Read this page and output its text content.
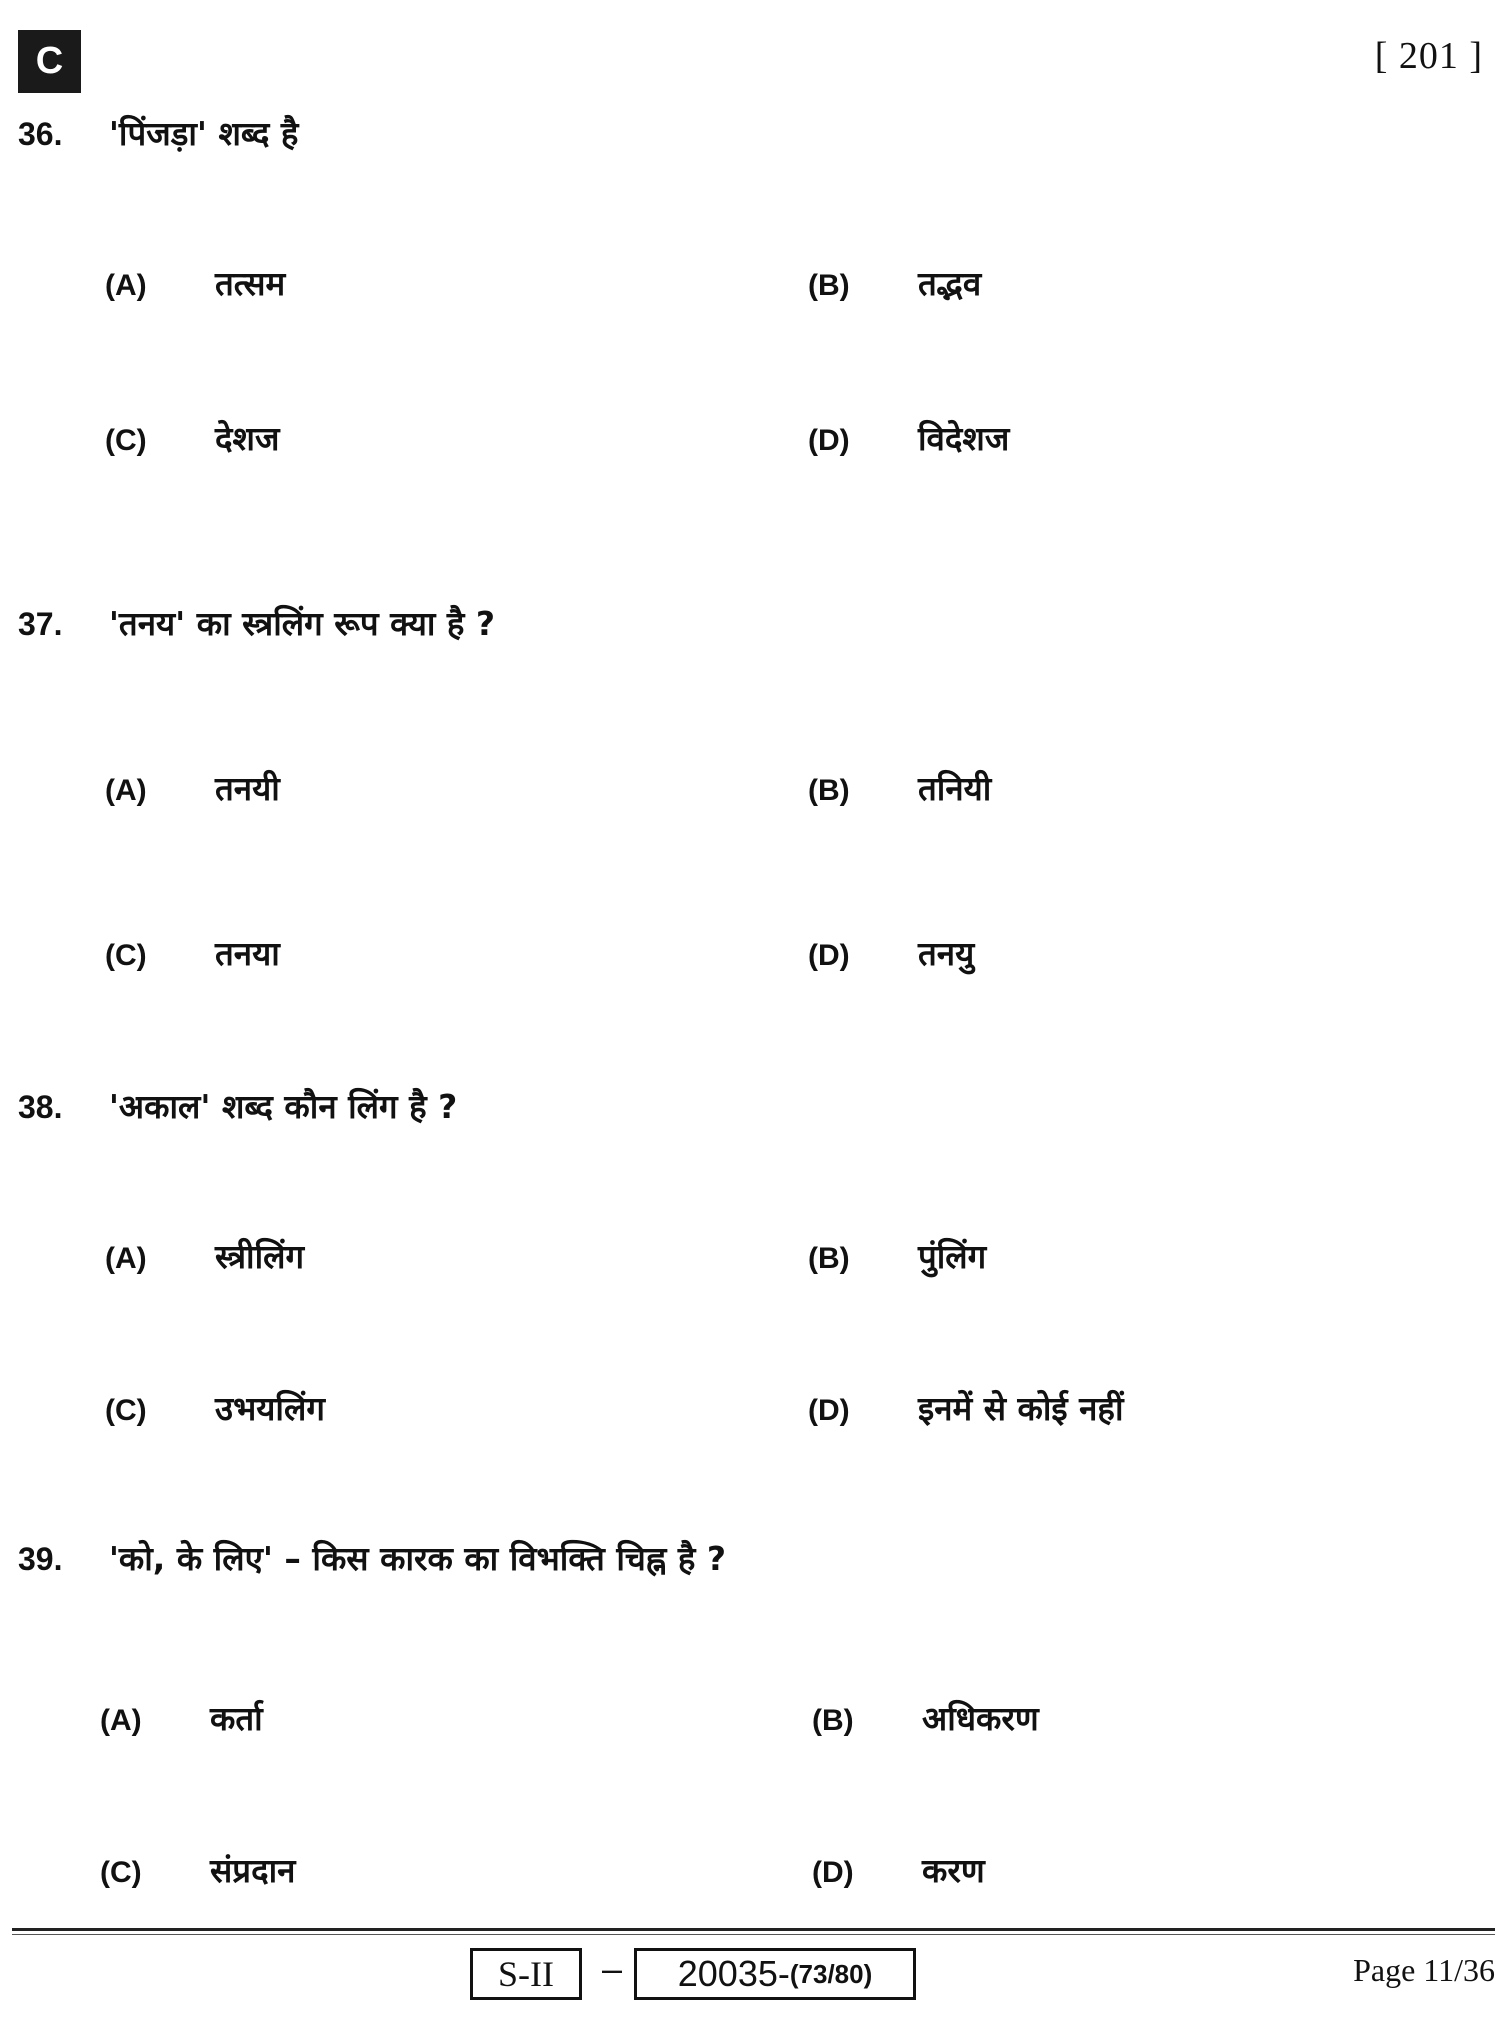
C	[ 201 ]
36. 'पिंजड़ा' शब्द है
(A)	तत्सम	(B)	तद्भव
(C)	देशज	(D)	विदेशज
37. 'तनय' का स्त्रलिंग रूप क्या है ?
(A)	तनयी	(B)	तनियी
(C)	तनया	(D)	तनयु
38. 'अकाल' शब्द कौन लिंग है ?
(A)	स्त्रीलिंग	(B)	पुंलिंग
(C)	उभयलिंग	(D)	इनमें से कोई नहीं
39. 'को, के लिए' – किस कारक का विभक्ति चिह्न है ?
(A)	कर्ता	(B)	अधिकरण
(C)	संप्रदान	(D)	करण
S-II	– 20035- (73/80)	Page 11/36
